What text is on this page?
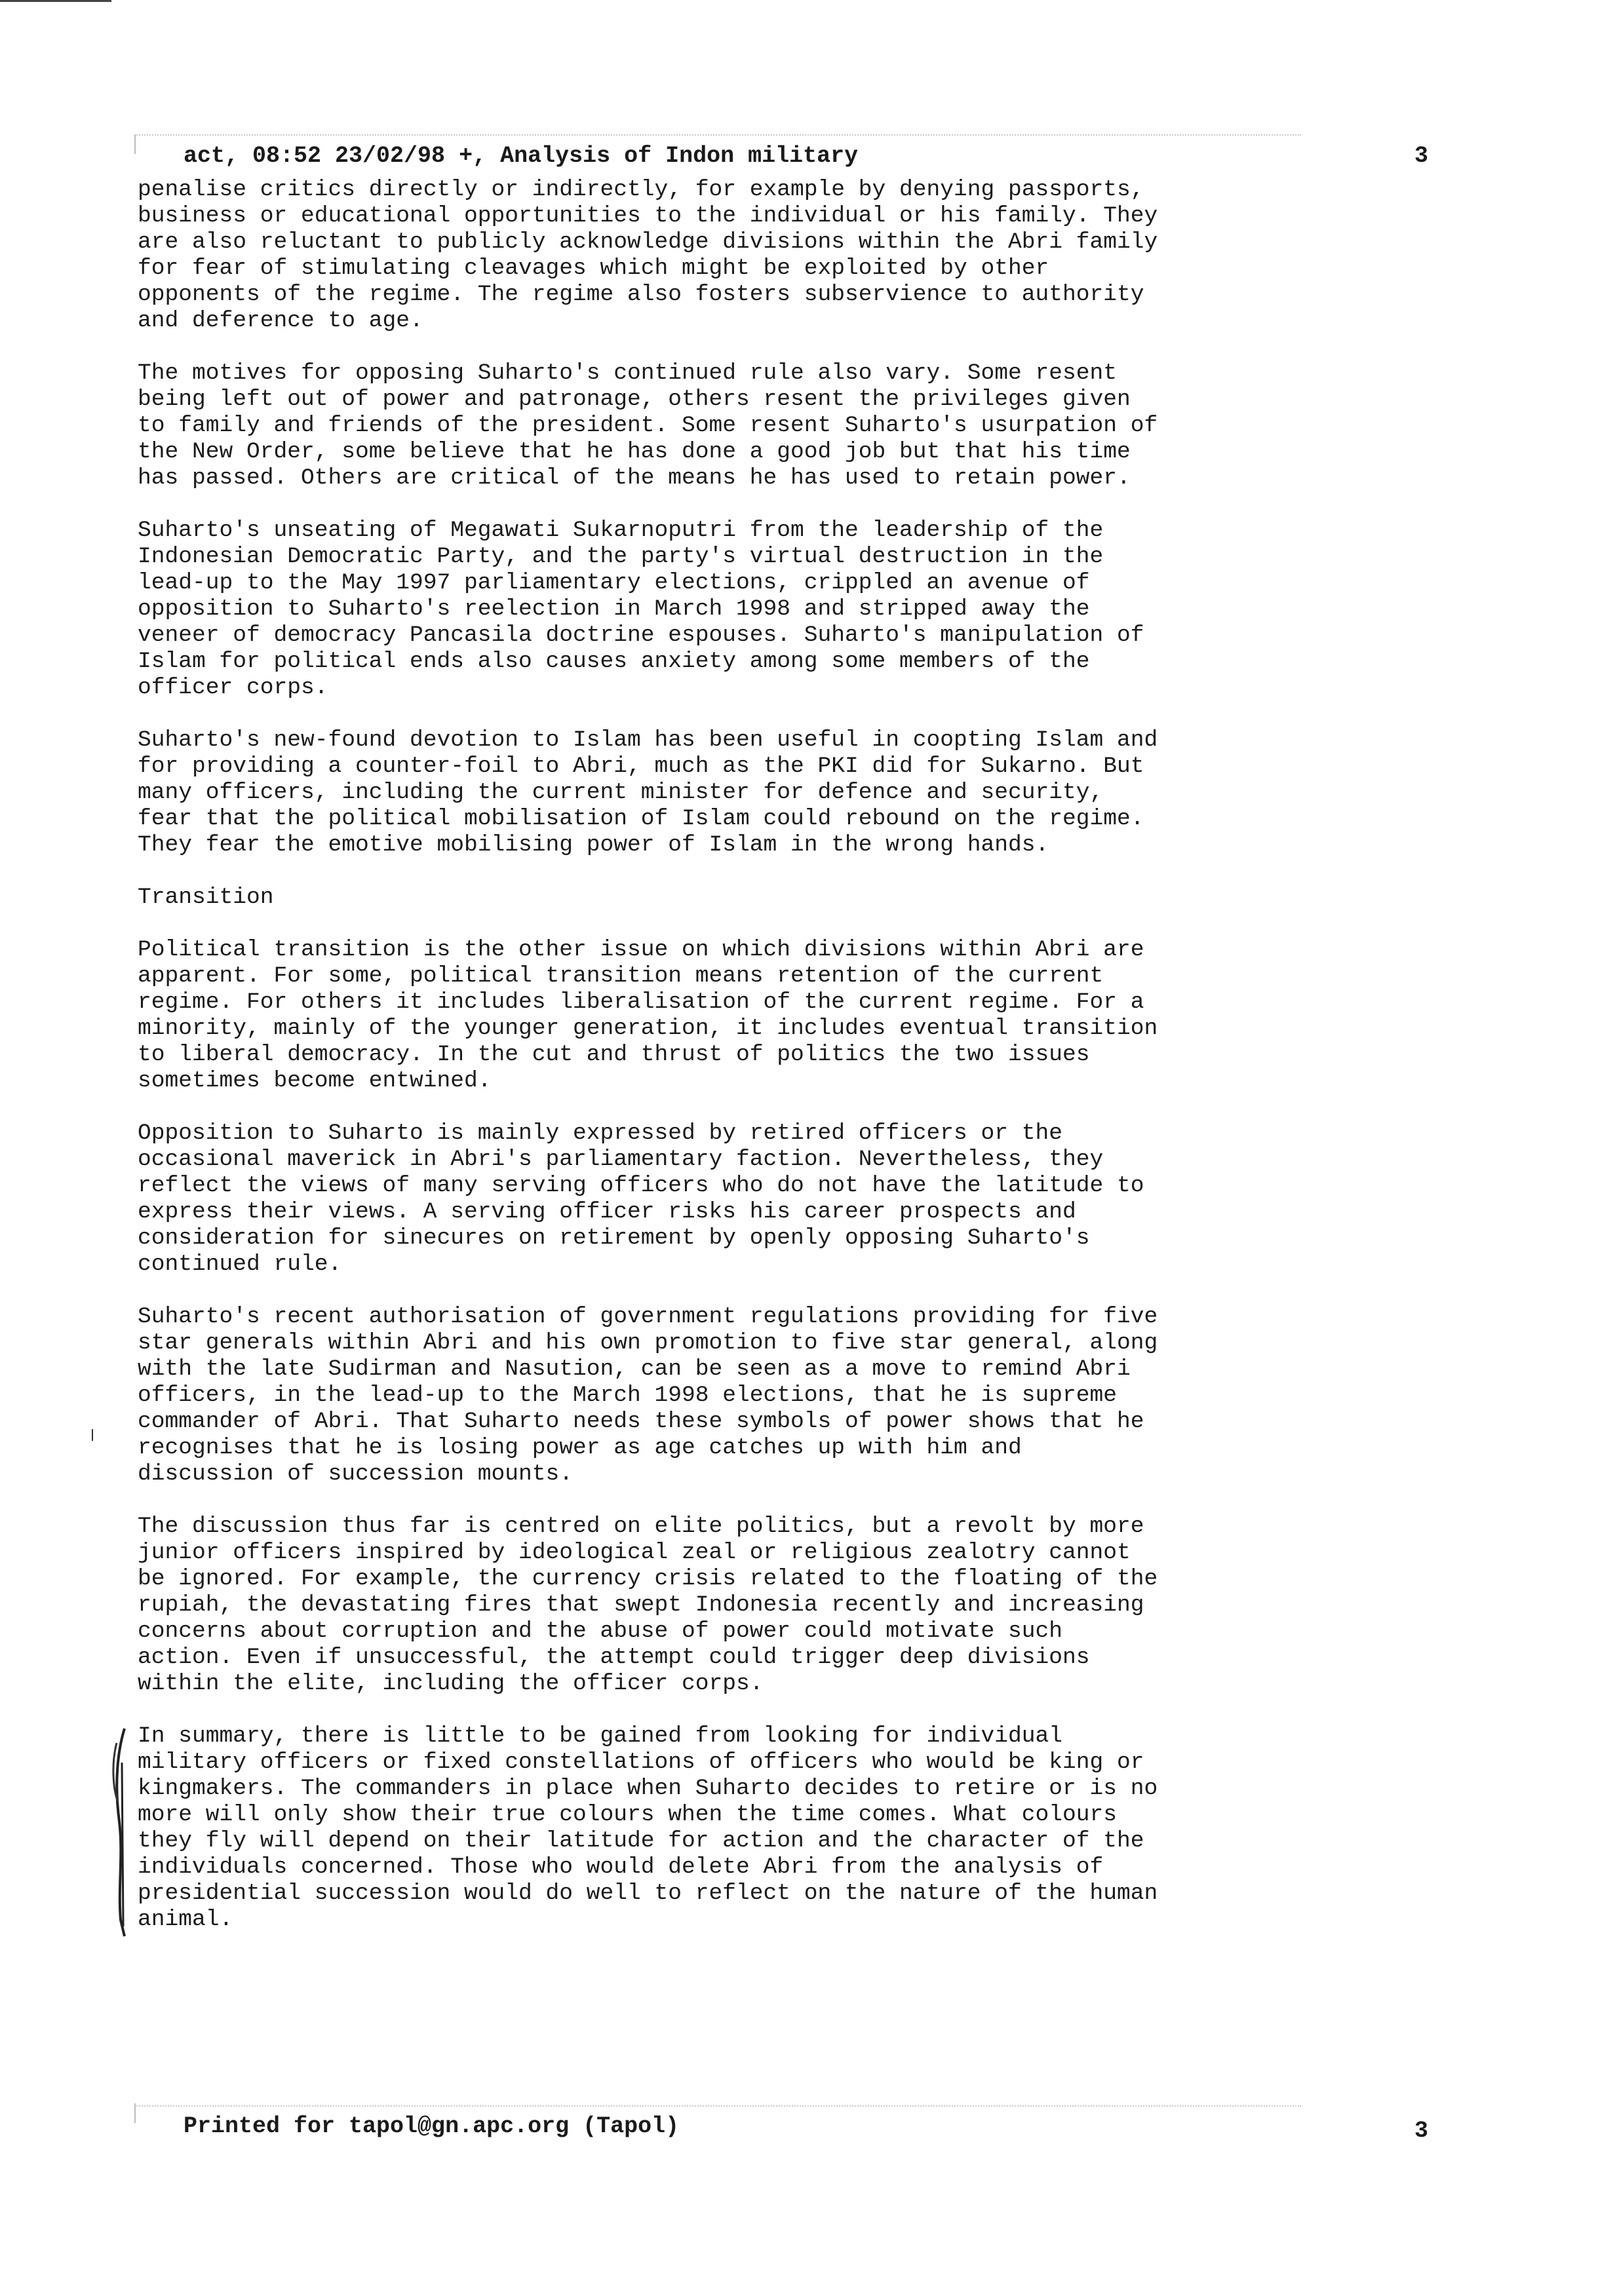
act, 08:52 23/02/98 +, Analysis of Indon military	3
penalise critics directly or indirectly, for example by denying passports,
business or educational opportunities to the individual or his family. They
are also reluctant to publicly acknowledge divisions within the Abri family
for fear of stimulating cleavages which might be exploited by other
opponents of the regime. The regime also fosters subservience to authority
and deference to age.
The motives for opposing Suharto's continued rule also vary. Some resent
being left out of power and patronage, others resent the privileges given
to family and friends of the president. Some resent Suharto's usurpation of
the New Order, some believe that he has done a good job but that his time
has passed. Others are critical of the means he has used to retain power.
Suharto's unseating of Megawati Sukarnoputri from the leadership of the
Indonesian Democratic Party, and the party's virtual destruction in the
lead-up to the May 1997 parliamentary elections, crippled an avenue of
opposition to Suharto's reelection in March 1998 and stripped away the
veneer of democracy Pancasila doctrine espouses. Suharto's manipulation of
Islam for political ends also causes anxiety among some members of the
officer corps.
Suharto's new-found devotion to Islam has been useful in coopting Islam and
for providing a counter-foil to Abri, much as the PKI did for Sukarno. But
many officers, including the current minister for defence and security,
fear that the political mobilisation of Islam could rebound on the regime.
They fear the emotive mobilising power of Islam in the wrong hands.
Transition
Political transition is the other issue on which divisions within Abri are
apparent. For some, political transition means retention of the current
regime. For others it includes liberalisation of the current regime. For a
minority, mainly of the younger generation, it includes eventual transition
to liberal democracy. In the cut and thrust of politics the two issues
sometimes become entwined.
Opposition to Suharto is mainly expressed by retired officers or the
occasional maverick in Abri's parliamentary faction. Nevertheless, they
reflect the views of many serving officers who do not have the latitude to
express their views. A serving officer risks his career prospects and
consideration for sinecures on retirement by openly opposing Suharto's
continued rule.
Suharto's recent authorisation of government regulations providing for five
star generals within Abri and his own promotion to five star general, along
with the late Sudirman and Nasution, can be seen as a move to remind Abri
officers, in the lead-up to the March 1998 elections, that he is supreme
commander of Abri. That Suharto needs these symbols of power shows that he
recognises that he is losing power as age catches up with him and
discussion of succession mounts.
The discussion thus far is centred on elite politics, but a revolt by more
junior officers inspired by ideological zeal or religious zealotry cannot
be ignored. For example, the currency crisis related to the floating of the
rupiah, the devastating fires that swept Indonesia recently and increasing
concerns about corruption and the abuse of power could motivate such
action. Even if unsuccessful, the attempt could trigger deep divisions
within the elite, including the officer corps.
In summary, there is little to be gained from looking for individual
military officers or fixed constellations of officers who would be king or
kingmakers. The commanders in place when Suharto decides to retire or is no
more will only show their true colours when the time comes. What colours
they fly will depend on their latitude for action and the character of the
individuals concerned. Those who would delete Abri from the analysis of
presidential succession would do well to reflect on the nature of the human
animal.
Printed for tapol@gn.apc.org (Tapol)	3
